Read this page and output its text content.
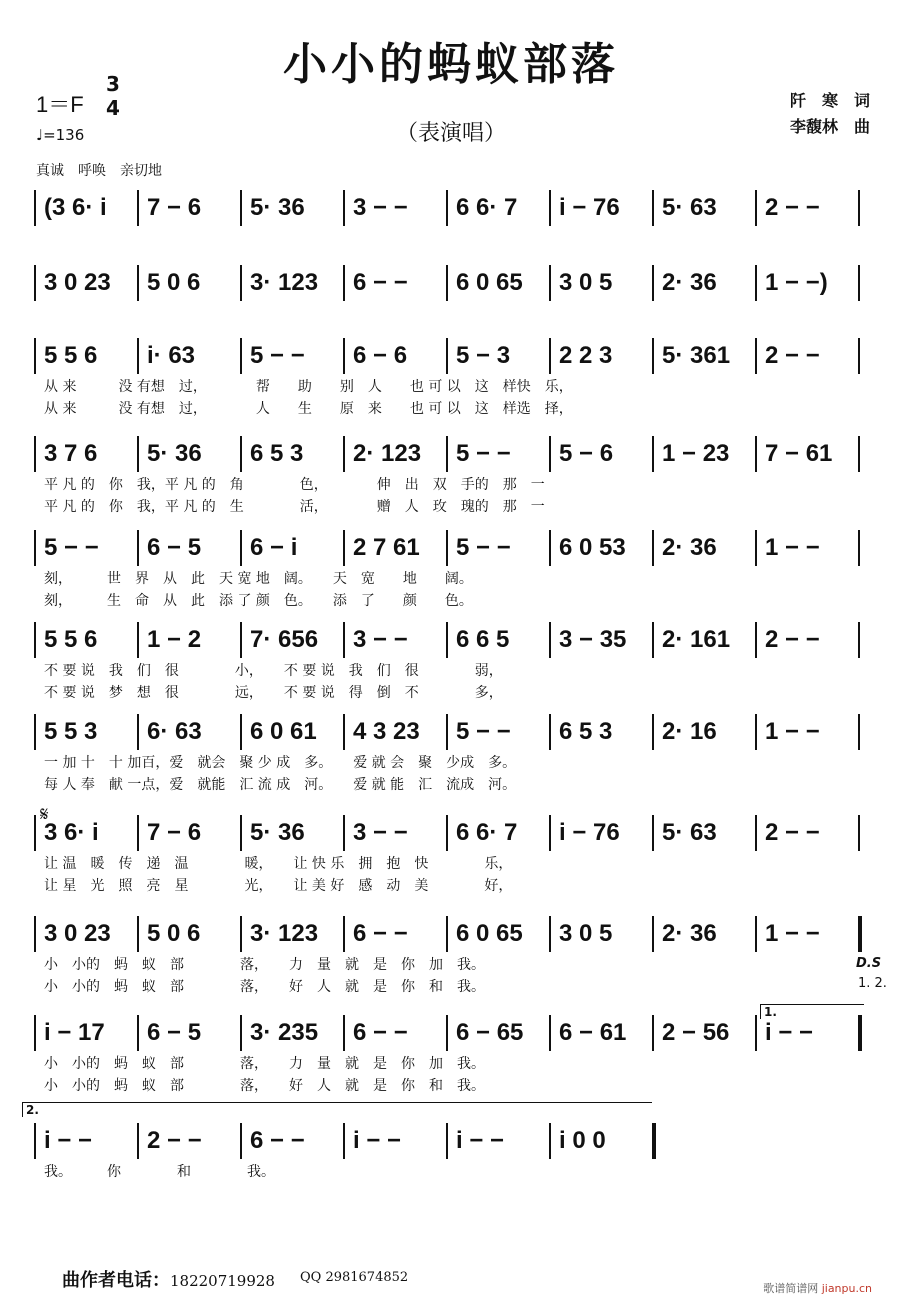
小小的蚂蚁部落
（表演唱）
1＝F
3
4
♩=136
真诚　呼唤　亲切地
阡　寒　词
李馥林　曲
𝄋
D.S
1. 2.
(3 6· i	7 − 6	5· 36	3 − −	6 6· 7	i − 76	5· 63	2 − −
3 0 23	5 0 6	3· 123	6 − −	6 0 65	3 0 5	2· 36	1 − −)
5 5 6	i· 63	5 − −	6 − 6	5 − 3	2 2 3	5· 361	2 − −
从 来　　　没 有想　过，　　　　帮　　助　　别　人　　也 可 以　这　样快　乐，
从 来　　　没 有想　过，　　　　人　　生　　原　来　　也 可 以　这　样选　择，
3 7 6	5· 36	6 5 3	2· 123	5 − −	5 − 6	1 − 23	7 − 61
平 凡 的　你　我，平 凡 的　角　　　　色，　　　　伸　出　双　手的　那　一
平 凡 的　你　我，平 凡 的　生　　　　活，　　　　赠　人　玫　瑰的　那　一
5 − −	6 − 5	6 − i	2 7 61	5 − −	6 0 53	2· 36	1 − −
刻，　　　世　界　从　此　天 宽 地　阔。　　天　宽　　地　　阔。
刻，　　　生　命　从　此　添 了 颜　色。　　添　了　　颜　　色。
5 5 6	1 − 2	7· 656	3 − −	6 6 5	3 − 35	2· 161	2 − −
不 要 说　我　们　很　　　　小，　　不 要 说　我　们　很　　　　弱，
不 要 说　梦　想　很　　　　远，　　不 要 说　得　倒　不　　　　多，
5 5 3	6· 63	6 0 61	4 3 23	5 − −	6 5 3	2· 16	1 − −
一 加 十　十 加百，爱　就会　聚 少 成　多。　　爱 就 会　聚　少成　多。
每 人 奉　献 一点，爱　就能　汇 流 成　河。　　爱 就 能　汇　流成　河。
3 6· i	7 − 6	5· 36	3 − −	6 6· 7	i − 76	5· 63	2 − −
让 温　暖　传　递　温　　　　暖，　　让 快 乐　拥　抱　快　　　　乐，
让 星　光　照　亮　星　　　　光，　　让 美 好　感　动　美　　　　好，
3 0 23	5 0 6	3· 123	6 − −	6 0 65	3 0 5	2· 36	1 − −
小　小的　蚂　蚁　部　　　　落，　　力　量　就　是　你　加　我。
小　小的　蚂　蚁　部　　　　落，　　好　人　就　是　你　和　我。
i − 17	6 − 5	3· 235	6 − −	6 − 65	6 − 61	2 − 56	i − −
小　小的　蚂　蚁　部　　　　落，　　力　量　就　是　你　加　我。
小　小的　蚂　蚁　部　　　　落，　　好　人　就　是　你　和　我。
i − −	2 − −	6 − −	i − −	i − −	i 0 0
我。　　　你　　　　和　　　　我。
1.
2.
曲作者电话：18220719928 QQ 2981674852
歌谱简谱网 jianpu.cn
